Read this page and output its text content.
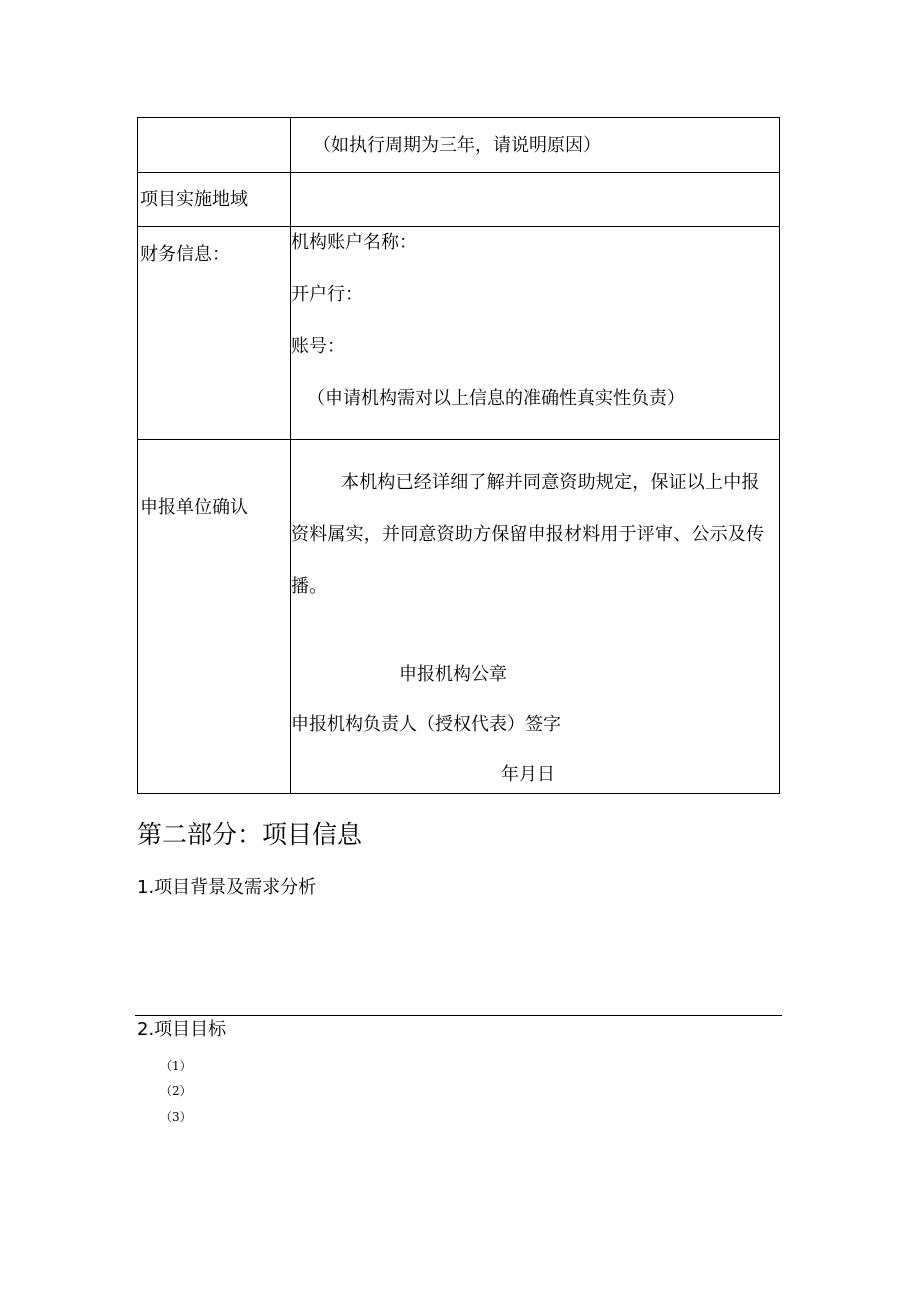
	（如执行周期为三年，请说明原因）

项目实施地域	

财务信息：	机构账户名称：
开户行：
账号：
（申请机构需对以上信息的准确性真实性负责）

申报单位确认	本机构已经详细了解并同意资助规定，保证以上中报资料属实，并同意资助方保留申报材料用于评审、公示及传播。

申报机构公章
申报机构负责人（授权代表）签字
年月日
第二部分：项目信息
1.项目背景及需求分析
2.项目目标
（1）
（2）
（3）
